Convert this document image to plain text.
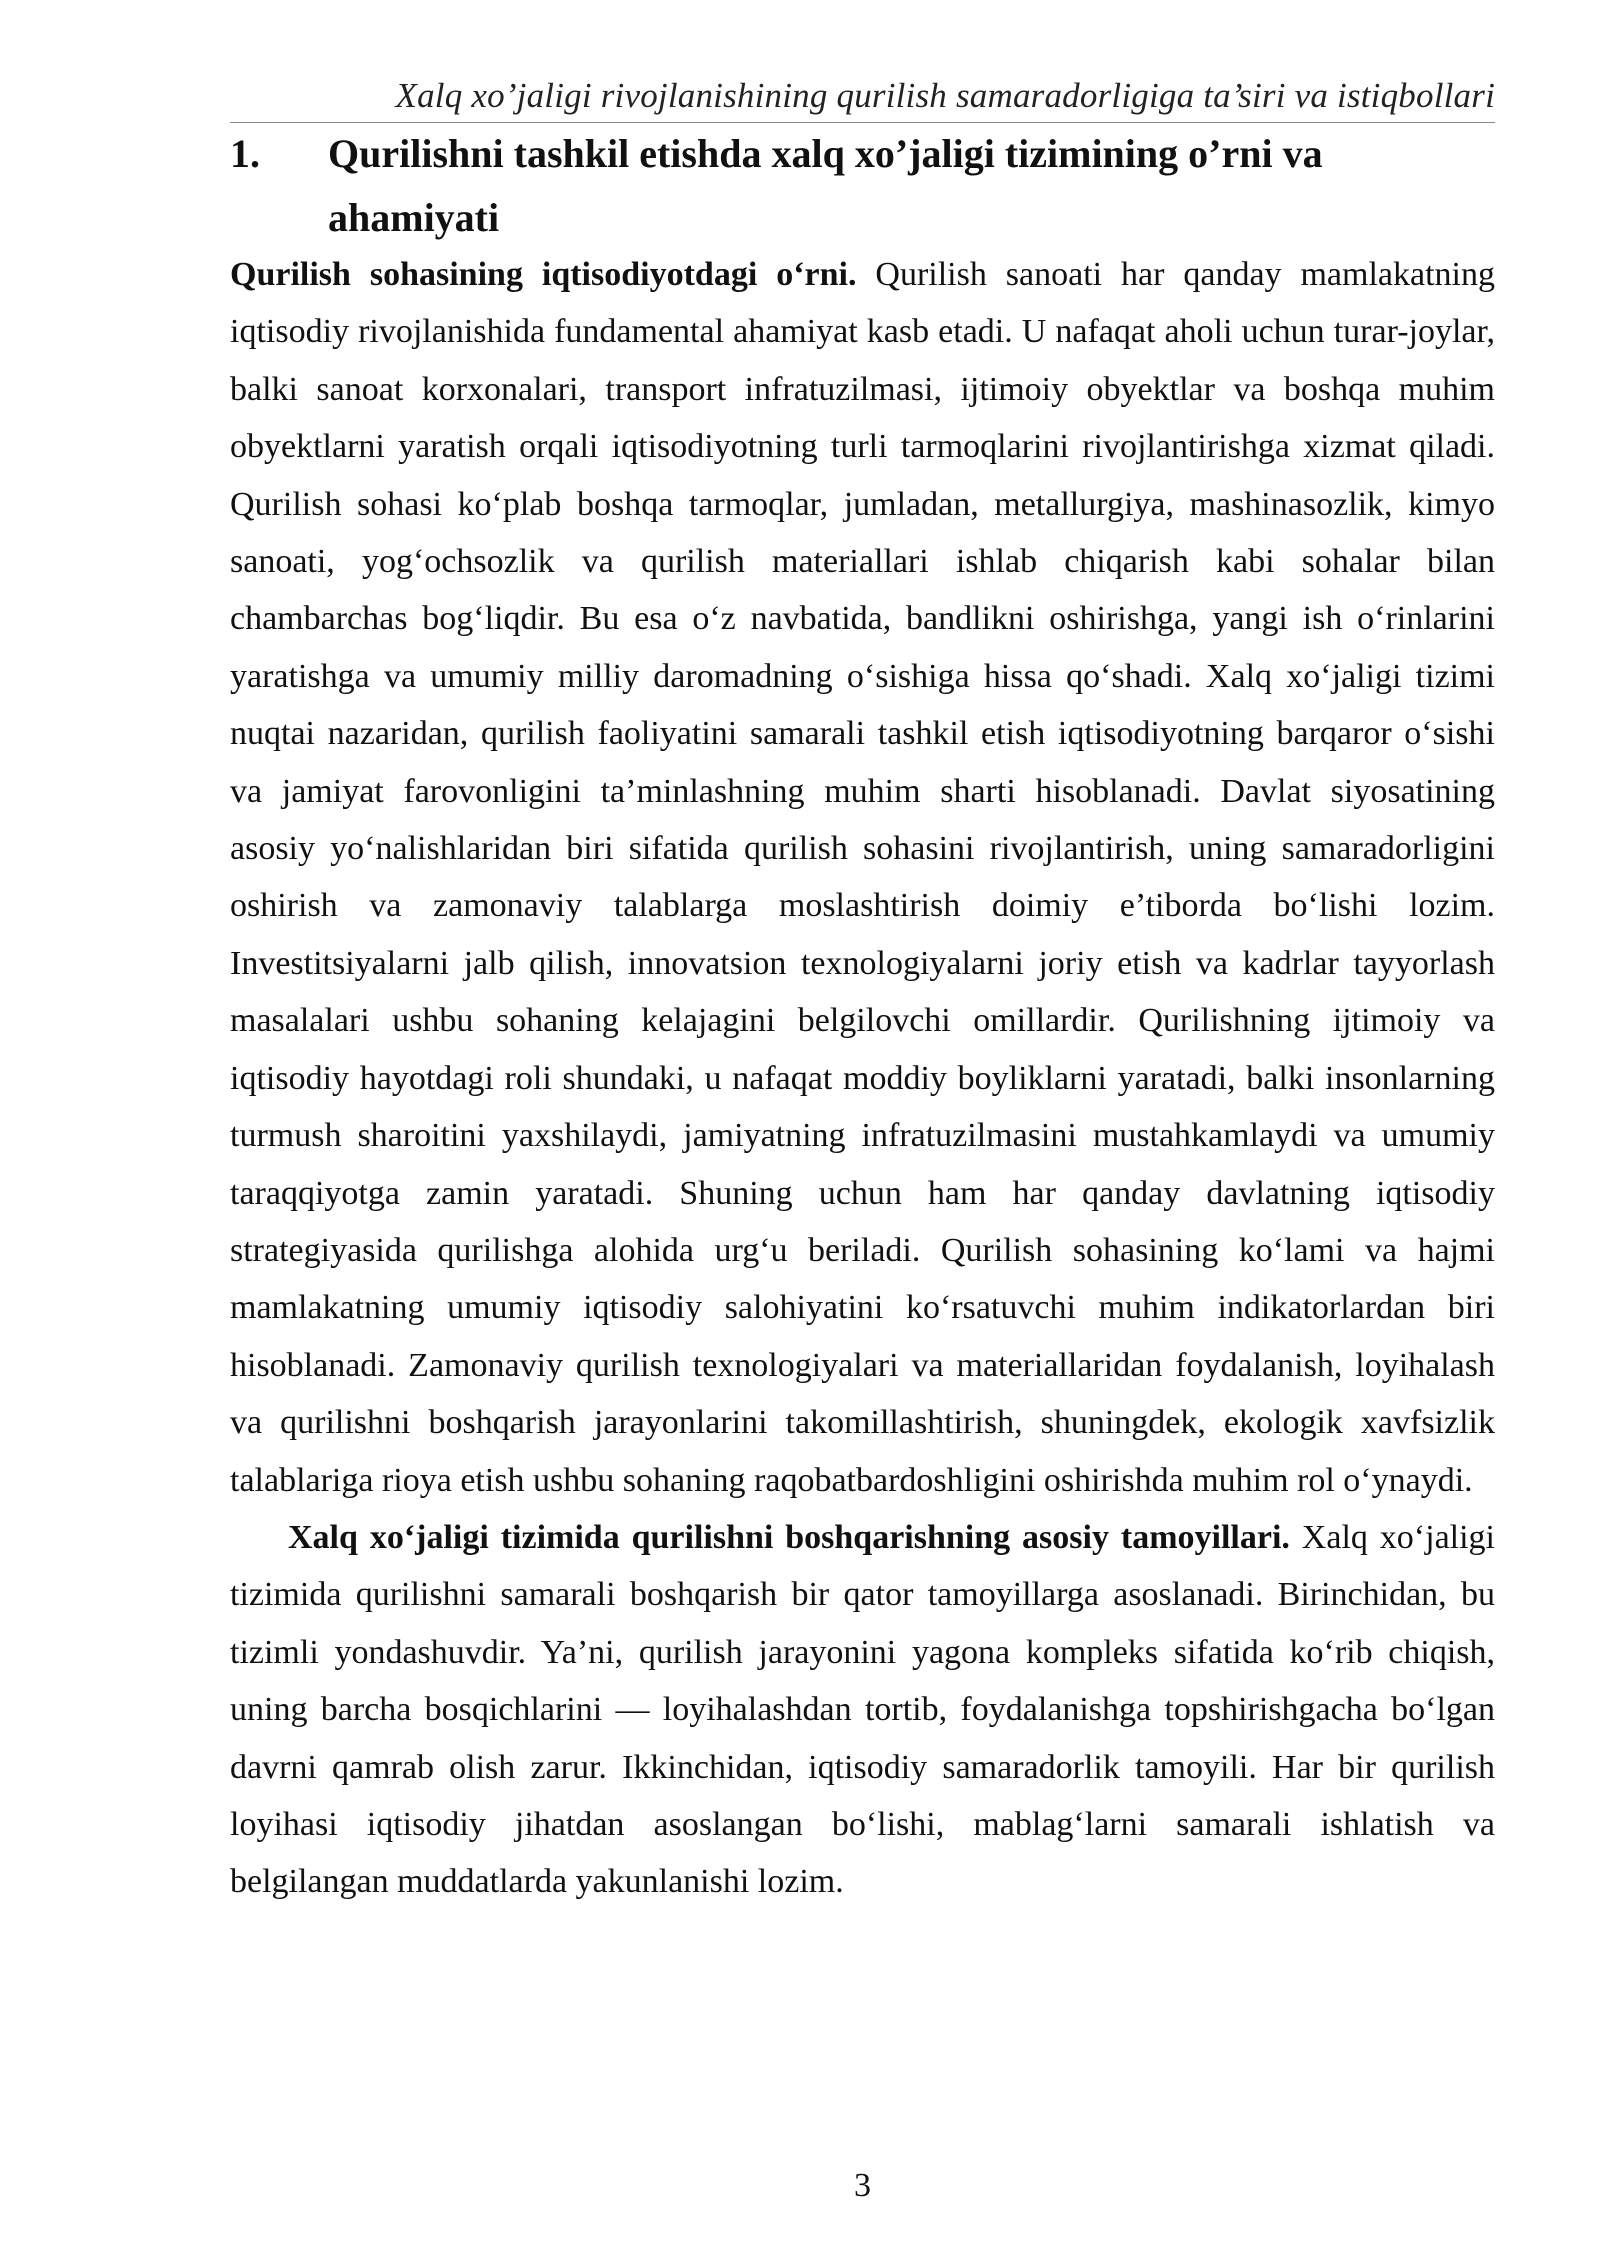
Xalq xo’jaligi rivojlanishining qurilish samaradorligiga ta’siri va istiqbollari
1. Qurilishni tashkil etishda xalq xo’jaligi tizimining o’rni va ahamiyati

Qurilish sohasining iqtisodiyotdagi o‘rni. Qurilish sanoati har qanday mamlakatning iqtisodiy rivojlanishida fundamental ahamiyat kasb etadi. U nafaqat aholi uchun turar-joylar, balki sanoat korxonalari, transport infratuzilmasi, ijtimoiy obyektlar va boshqa muhim obyektlarni yaratish orqali iqtisodiyotning turli tarmoqlarini rivojlantirishga xizmat qiladi. Qurilish sohasi ko‘plab boshqa tarmoqlar, jumladan, metallurgiya, mashinasozlik, kimyo sanoati, yog‘ochsozlik va qurilish materiallari ishlab chiqarish kabi sohalar bilan chambarchas bog‘liqdir. Bu esa o‘z navbatida, bandlikni oshirishga, yangi ish o‘rinlarini yaratishga va umumiy milliy daromadning o‘sishiga hissa qo‘shadi. Xalq xo‘jaligi tizimi nuqtai nazaridan, qurilish faoliyatini samarali tashkil etish iqtisodiyotning barqaror o‘sishi va jamiyat farovonligini ta’minlashning muhim sharti hisoblanadi. Davlat siyosatining asosiy yo‘nalishlaridan biri sifatida qurilish sohasini rivojlantirish, uning samaradorligini oshirish va zamonaviy talablarga moslashtirish doimiy e’tiborda bo‘lishi lozim. Investitsiyalarni jalb qilish, innovatsion texnologiyalarni joriy etish va kadrlar tayyorlash masalalari ushbu sohaning kelajagini belgilovchi omillardir. Qurilishning ijtimoiy va iqtisodiy hayotdagi roli shundaki, u nafaqat moddiy boyliklarni yaratadi, balki insonlarning turmush sharoitini yaxshilaydi, jamiyatning infratuzilmasini mustahkamlaydi va umumiy taraqqiyotga zamin yaratadi. Shuning uchun ham har qanday davlatning iqtisodiy strategiyasida qurilishga alohida urg‘u beriladi. Qurilish sohasining ko‘lami va hajmi mamlakatning umumiy iqtisodiy salohiyatini ko‘rsatuvchi muhim indikatorlardan biri hisoblanadi. Zamonaviy qurilish texnologiyalari va materiallaridan foydalanish, loyihalash va qurilishni boshqarish jarayonlarini takomillashtirish, shuningdek, ekologik xavfsizlik talablariga rioya etish ushbu sohaning raqobatbardoshligini oshirishda muhim rol o‘ynaydi.

Xalq xo‘jaligi tizimida qurilishni boshqarishning asosiy tamoyillari. Xalq xo‘jaligi tizimida qurilishni samarali boshqarish bir qator tamoyillarga asoslanadi. Birinchidan, bu tizimli yondashuvdir. Ya’ni, qurilish jarayonini yagona kompleks sifatida ko‘rib chiqish, uning barcha bosqichlarini — loyihalashdan tortib, foydalanishga topshirishgacha bo‘lgan davrni qamrab olish zarur. Ikkinchidan, iqtisodiy samaradorlik tamoyili. Har bir qurilish loyihasi iqtisodiy jihatdan asoslangan bo‘lishi, mablag‘larni samarali ishlatish va belgilangan muddatlarda yakunlanishi lozim.

3
